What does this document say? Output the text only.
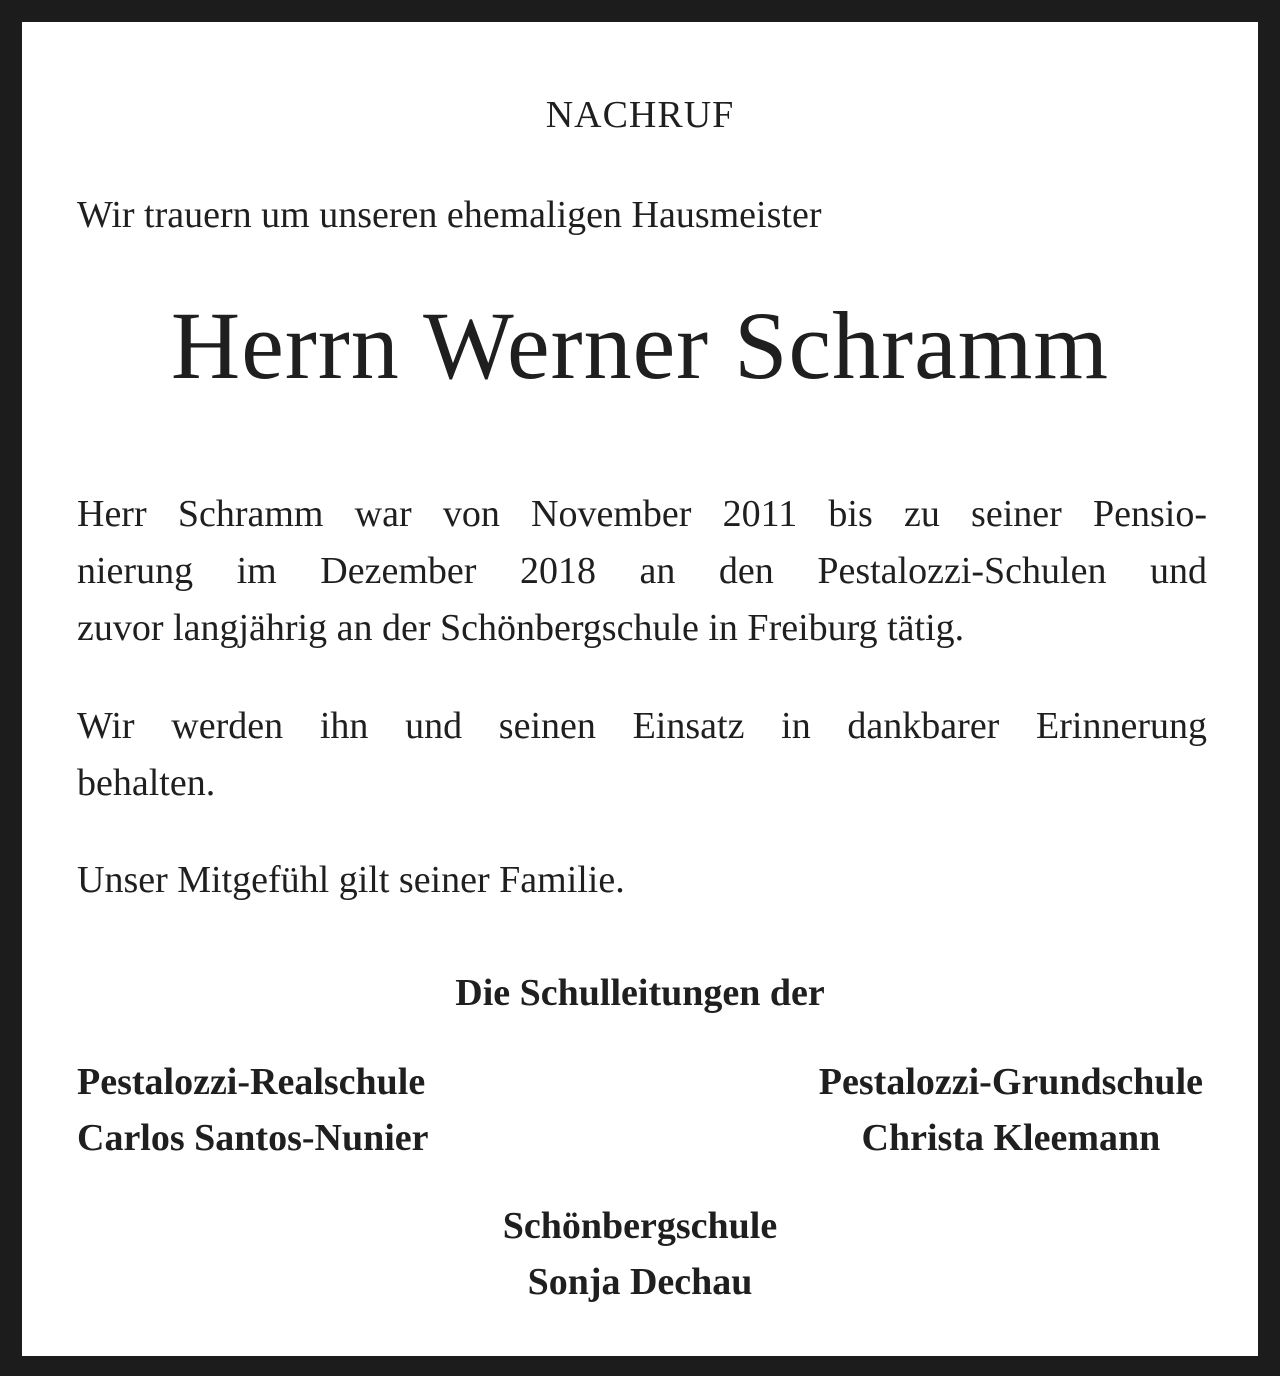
NACHRUF
Wir trauern um unseren ehemaligen Hausmeister
Herrn Werner Schramm
Herr Schramm war von November 2011 bis zu seiner Pensio-
nierung im Dezember 2018 an den Pestalozzi-Schulen und
zuvor langjährig an der Schönbergschule in Freiburg tätig.
Wir werden ihn und seinen Einsatz in dankbarer Erinnerung
behalten.
Unser Mitgefühl gilt seiner Familie.
Die Schulleitungen der
Pestalozzi-Realschule
Carlos Santos-Nunier
Pestalozzi-Grundschule
Christa Kleemann
Schönbergschule
Sonja Dechau
